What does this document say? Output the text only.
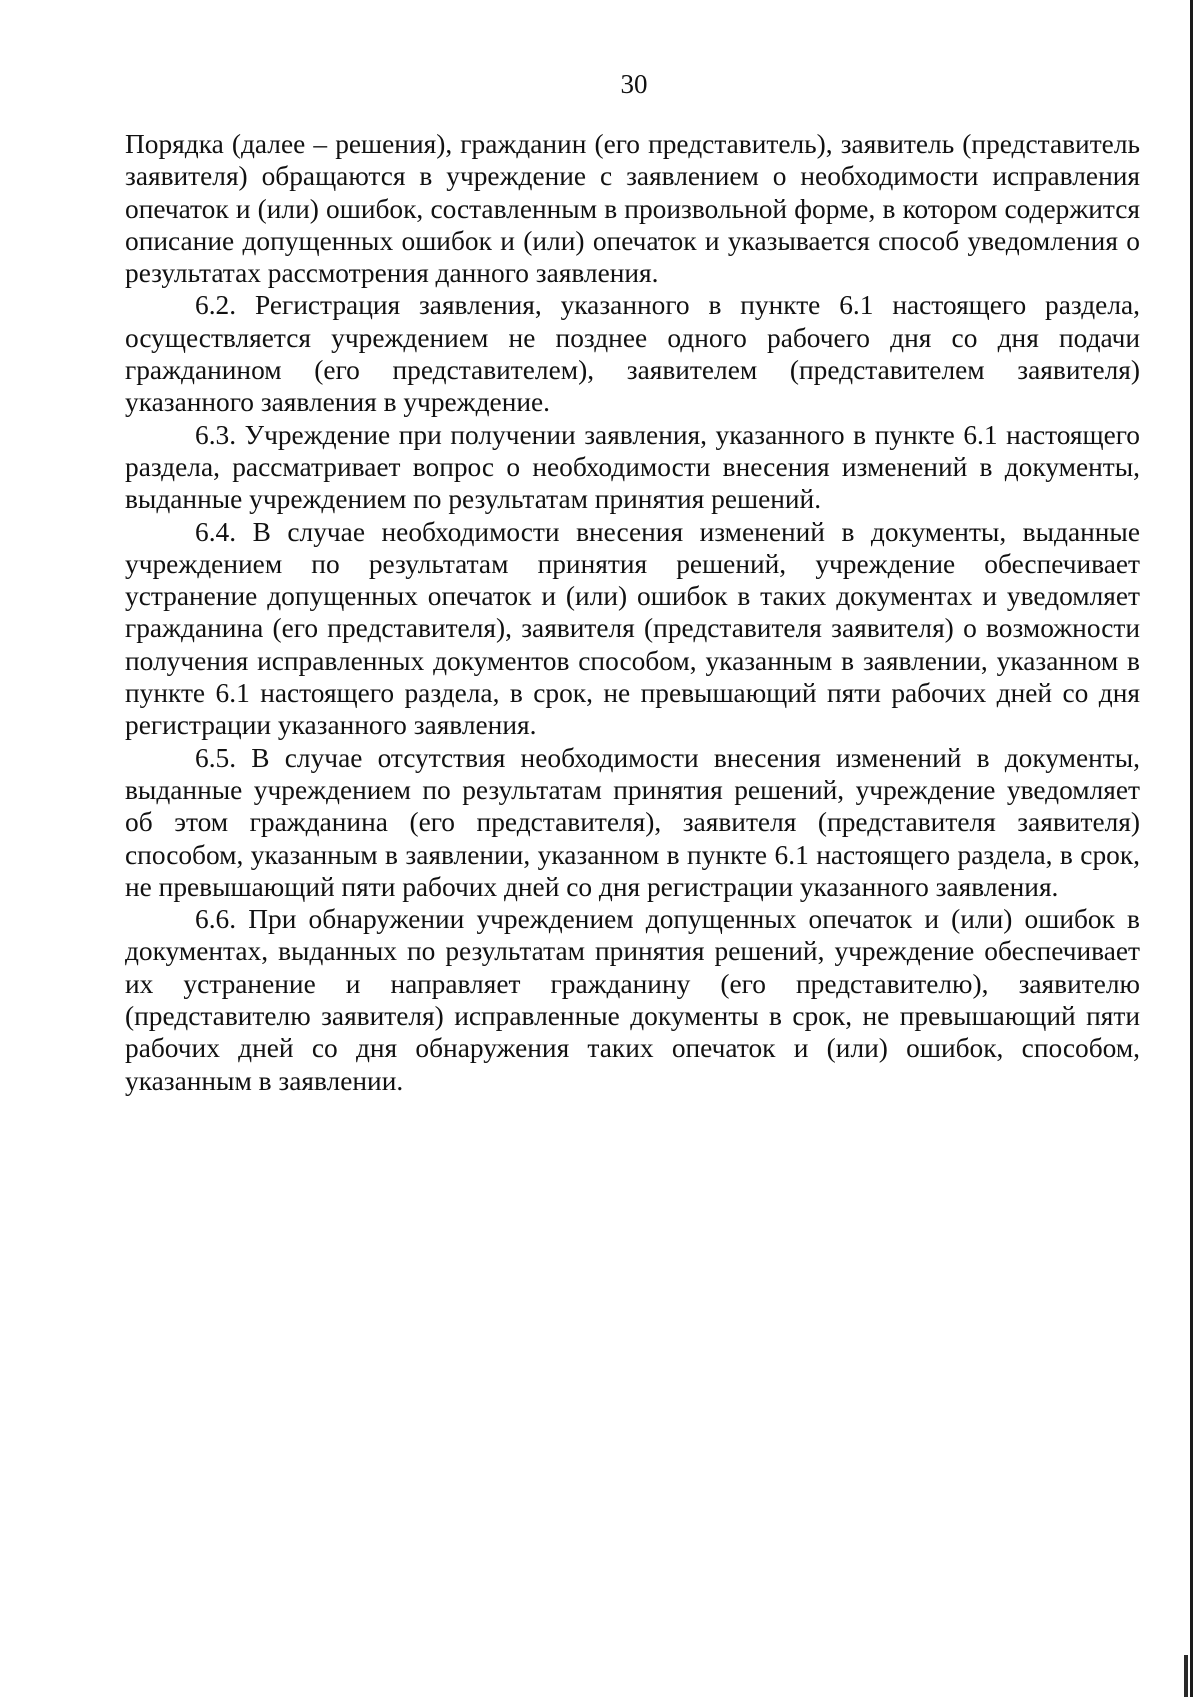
30

Порядка (далее – решения), гражданин (его представитель), заявитель (представитель заявителя) обращаются в учреждение с заявлением о необходимости исправления опечаток и (или) ошибок, составленным в произвольной форме, в котором содержится описание допущенных ошибок и (или) опечаток и указывается способ уведомления о результатах рассмотрения данного заявления.

6.2. Регистрация заявления, указанного в пункте 6.1 настоящего раздела, осуществляется учреждением не позднее одного рабочего дня со дня подачи гражданином (его представителем), заявителем (представителем заявителя) указанного заявления в учреждение.

6.3. Учреждение при получении заявления, указанного в пункте 6.1 настоящего раздела, рассматривает вопрос о необходимости внесения изменений в документы, выданные учреждением по результатам принятия решений.

6.4. В случае необходимости внесения изменений в документы, выданные учреждением по результатам принятия решений, учреждение обеспечивает устранение допущенных опечаток и (или) ошибок в таких документах и уведомляет гражданина (его представителя), заявителя (представителя заявителя) о возможности получения исправленных документов способом, указанным в заявлении, указанном в пункте 6.1 настоящего раздела, в срок, не превышающий пяти рабочих дней со дня регистрации указанного заявления.

6.5. В случае отсутствия необходимости внесения изменений в документы, выданные учреждением по результатам принятия решений, учреждение уведомляет об этом гражданина (его представителя), заявителя (представителя заявителя) способом, указанным в заявлении, указанном в пункте 6.1 настоящего раздела, в срок, не превышающий пяти рабочих дней со дня регистрации указанного заявления.

6.6. При обнаружении учреждением допущенных опечаток и (или) ошибок в документах, выданных по результатам принятия решений, учреждение обеспечивает их устранение и направляет гражданину (его представителю), заявителю (представителю заявителя) исправленные документы в срок, не превышающий пяти рабочих дней со дня обнаружения таких опечаток и (или) ошибок, способом, указанным в заявлении.
